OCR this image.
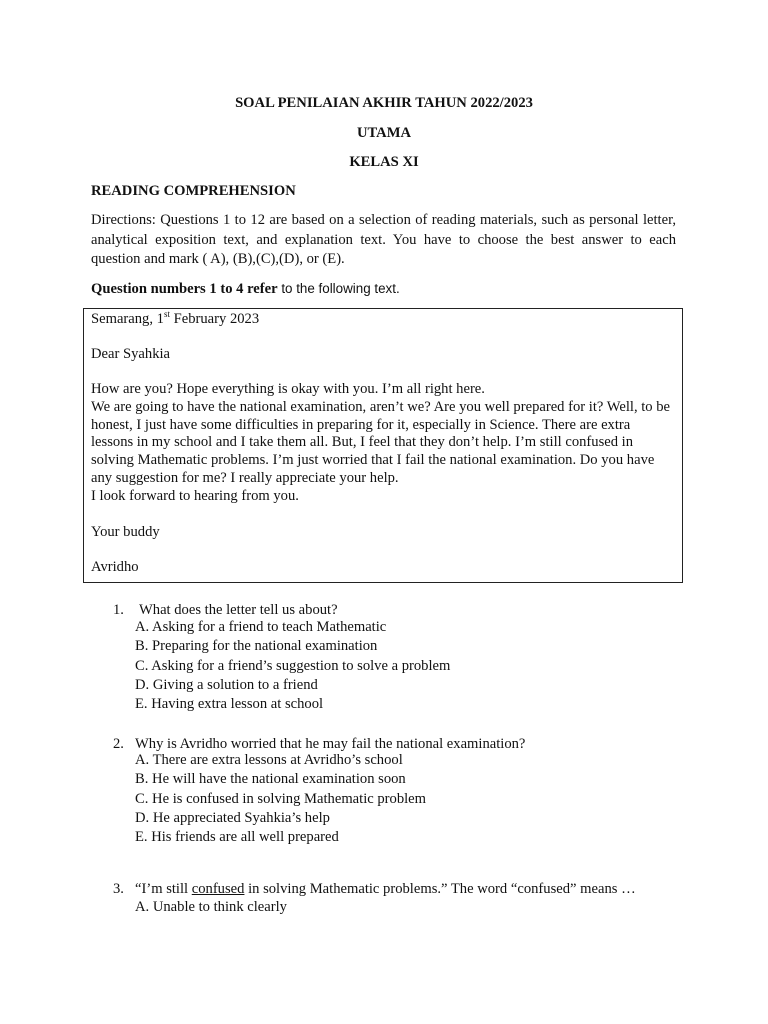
SOAL PENILAIAN AKHIR TAHUN 2022/2023
UTAMA
KELAS XI
READING COMPREHENSION
Directions: Questions 1 to 12 are based on a selection of reading materials, such as personal letter, analytical exposition text, and explanation text. You have to choose the best answer to each question and mark ( A), (B),(C),(D), or (E).
Question numbers 1 to 4 refer to the following text.
Semarang, 1st February 2023
Dear Syahkia

How are you? Hope everything is okay with you. I’m all right here.

We are going to have the national examination, aren’t we? Are you well prepared for it? Well, to be honest, I just have some difficulties in preparing for it, especially in Science. There are extra lessons in my school and I take them all. But, I feel that they don’t help. I’m still confused in solving Mathematic problems. I’m just worried that I fail the national examination. Do you have any suggestion for me? I really appreciate your help.

I look forward to hearing from you.

Your buddy
Avridho
1. What does the letter tell us about?
A. Asking for a friend to teach Mathematic
B. Preparing for the national examination
C. Asking for a friend’s suggestion to solve a problem
D. Giving a solution to a friend
E. Having extra lesson at school
2. Why is Avridho worried that he may fail the national examination?
A. There are extra lessons at Avridho’s school
B. He will have the national examination soon
C. He is confused in solving Mathematic problem
D. He appreciated Syahkia’s help
E. His friends are all well prepared
3. “I’m still confused in solving Mathematic problems.” The word “confused” means …
A. Unable to think clearly
